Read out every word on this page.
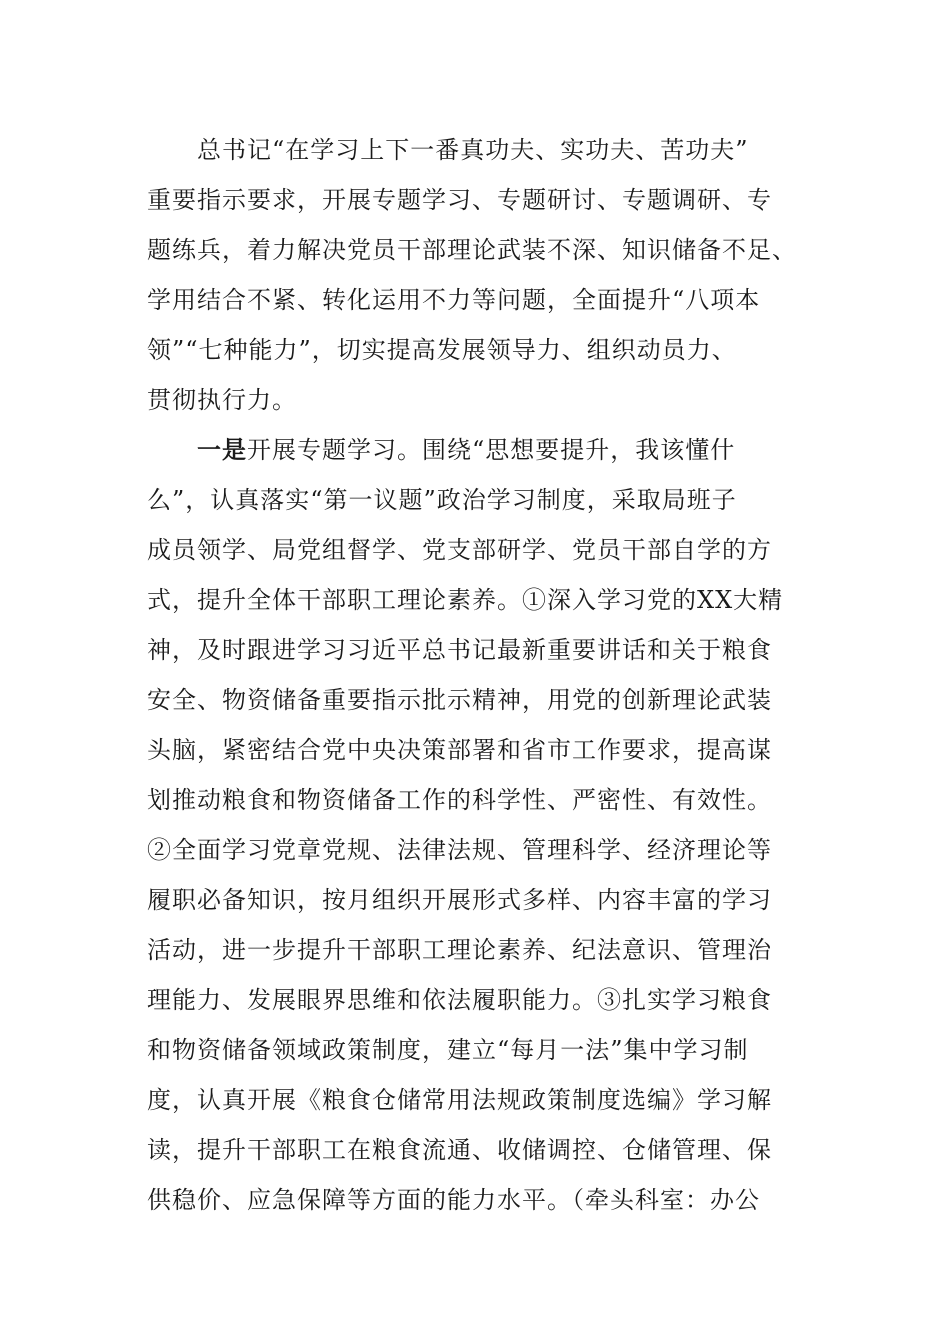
总书记“在学习上下一番真功夫、实功夫、苦功夫”
重要指示要求，开展专题学习、专题研讨、专题调研、专
题练兵，着力解决党员干部理论武装不深、知识储备不足、
学用结合不紧、转化运用不力等问题，全面提升“八项本
领”“七种能力”，切实提高发展领导力、组织动员力、
贯彻执行力。
一是开展专题学习。围绕“思想要提升，我该懂什
么”，认真落实“第一议题”政治学习制度，采取局班子
成员领学、局党组督学、党支部研学、党员干部自学的方
式，提升全体干部职工理论素养。①深入学习党的XX大精
神，及时跟进学习习近平总书记最新重要讲话和关于粮食
安全、物资储备重要指示批示精神，用党的创新理论武装
头脑，紧密结合党中央决策部署和省市工作要求，提高谋
划推动粮食和物资储备工作的科学性、严密性、有效性。
②全面学习党章党规、法律法规、管理科学、经济理论等
履职必备知识，按月组织开展形式多样、内容丰富的学习
活动，进一步提升干部职工理论素养、纪法意识、管理治
理能力、发展眼界思维和依法履职能力。③扎实学习粮食
和物资储备领域政策制度，建立“每月一法”集中学习制
度，认真开展《粮食仓储常用法规政策制度选编》学习解
读，提升干部职工在粮食流通、收储调控、仓储管理、保
供稳价、应急保障等方面的能力水平。（牵头科室：办公
